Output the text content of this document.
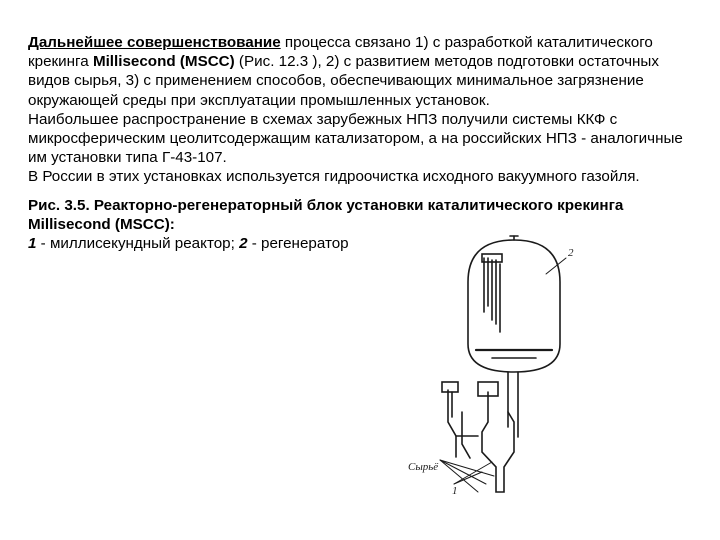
Дальнейшее совершенствование процесса связано 1) с разработкой каталитического крекинга Millisecond (MSCC) (Рис. 12.3 ), 2) с развитием методов подготовки остаточных видов сырья, 3) с применением способов, обеспечивающих минимальное загрязнение окружающей среды при эксплуатации промышленных установок.

Наибольшее распространение в схемах зарубежных НПЗ получили системы ККФ с микросферическим цеолитсодержащим катализатором, а на российских НПЗ - аналогичные им установки типа Г-43-107.

В России в этих установках используется гидроочистка исходного вакуумного газойля.

Рис. 3.5. Реакторно-регенераторный блок установки каталитического крекинга Millisecond (MSCC):

1 - миллисекундный реактор; 2 - регенератор

2
Сырьё
1
